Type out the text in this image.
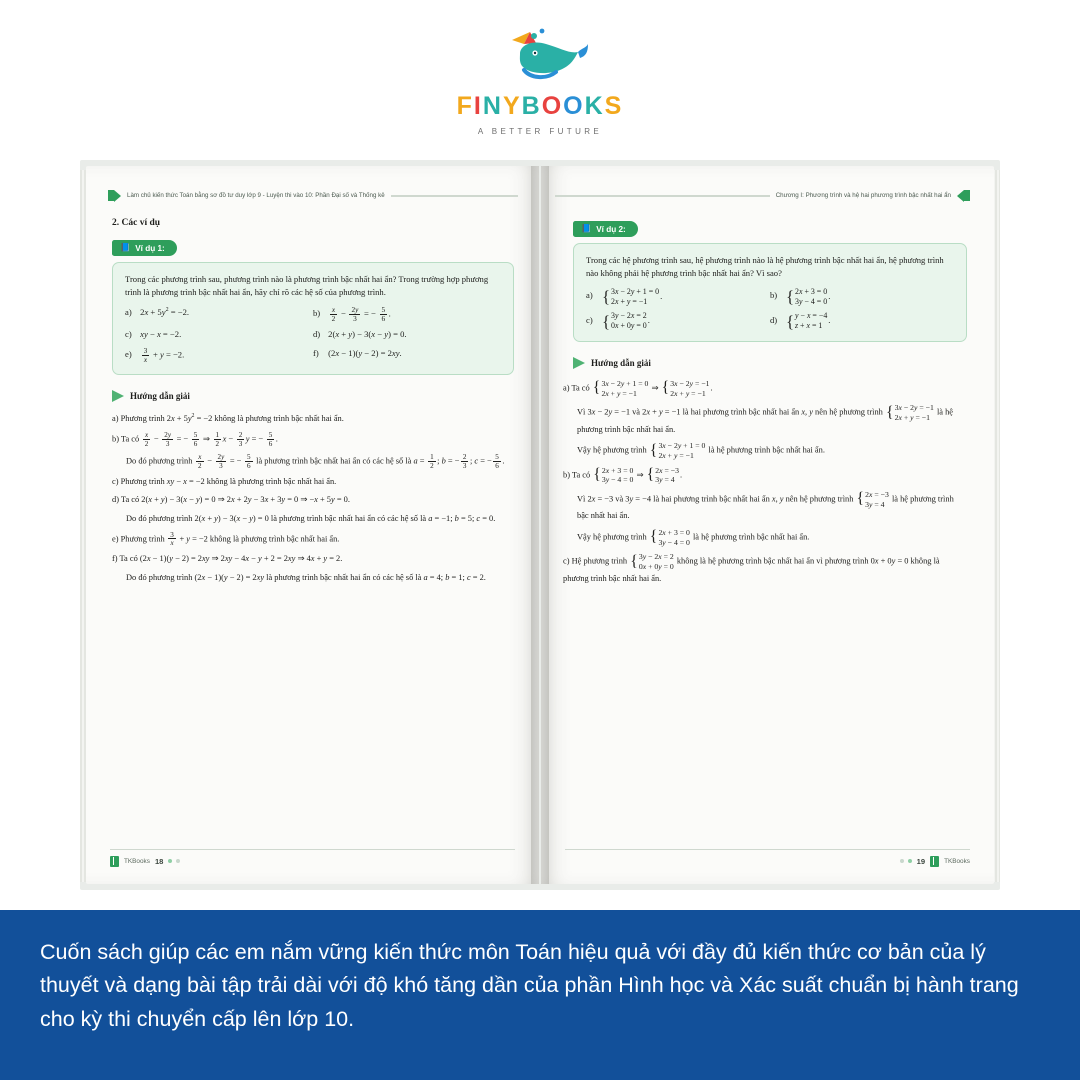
FINYBOOKS
A BETTER FUTURE
Làm chủ kiến thức Toán bằng sơ đồ tư duy lớp 9 - Luyện thi vào 10: Phần Đại số và Thống kê
2. Các ví dụ
📘 Ví dụ 1:
Trong các phương trình sau, phương trình nào là phương trình bậc nhất hai ẩn? Trong trường hợp phương trình là phương trình bậc nhất hai ẩn, hãy chỉ rõ các hệ số của phương trình.
a) $2x + 5y^2 = -2$.	$b) \frac{x}{2} - \frac{2y}{3}$ = − $\frac{5}{6}$ .
c) xy − x = −2.	d) 2(x + y) − 3(x − y) = 0.
$e) \frac{3}{x} + y = -2$.	f) (2x − 1)(y − 2) = 2xy.
Hướng dẫn giải
a) Phương trình $2x + 5y^2 = -2$ không là phương trình bậc nhất hai ẩn.
b) Ta có $\frac{x}{2} - \frac{2y}{3}$ = − $\frac{5}{6}$ ⇒ $\frac{1}{2}$ $x - \frac{2}{3}$ y = − $\frac{5}{6}$ .
Do đó phương trình $\frac{x}{2} - \frac{2y}{3}$ = − $\frac{5}{6}$ là phương trình bậc nhất hai ẩn có các hệ số là $a = \frac{1}{2}$ ; b = − $\frac{2}{3}$ ; c = − $\frac{5}{6}$ .
c) Phương trình xy − x = −2 không là phương trình bậc nhất hai ẩn.
d) Ta có 2(x + y) − 3(x − y) = 0 ⇒ 2x + 2y − 3x + 3y = 0 ⇒ −x + 5y = 0.
Do đó phương trình 2(x + y) − 3(x − y) = 0 là phương trình bậc nhất hai ẩn có các hệ số là a = −1; b = 5; c = 0.
e) Phương trình $\frac{3}{x} + y = -2$ không là phương trình bậc nhất hai ẩn.
f) Ta có (2x − 1)(y − 2) = 2xy ⇒ 2xy − 4x − y + 2 = 2xy ⇒ 4x + y = 2.
Do đó phương trình (2x − 1)(y − 2) = 2xy là phương trình bậc nhất hai ẩn có các hệ số là a = 4; b = 1; c = 2.
TKBooks 18
Chương I: Phương trình và hệ hai phương trình bậc nhất hai ẩn
📘 Ví dụ 2:
Trong các hệ phương trình sau, hệ phương trình nào là hệ phương trình bậc nhất hai ẩn, hệ phương trình nào không phải hệ phương trình bậc nhất hai ẩn? Vì sao?
a) { 3x − 2y + 1 = 0
2x + y = −1
.	b) { 2x + 3 = 0
3y − 4 = 0
.
c) { 3y − 2x = 2
0x + 0y = 0
.	d) { y − x = −4
z + x = 1
.
Hướng dẫn giải
a) Ta có { 3x − 2y + 1 = 0
2x + y = −1
⇒ { 3x − 2y = −1
2x + y = −1
.
Vì 3x − 2y = −1 và 2x + y = −1 là hai phương trình bậc nhất hai ẩn x, y nên hệ phương trình { 3x − 2y = −1
2x + y = −1
là hệ phương trình bậc nhất hai ẩn.
Vậy hệ phương trình { 3x − 2y + 1 = 0
2x + y = −1
là hệ phương trình bậc nhất hai ẩn.
b) Ta có { 2x + 3 = 0
3y − 4 = 0
⇒ { 2x = −3
3y = 4
.
Vì 2x = −3 và 3y = −4 là hai phương trình bậc nhất hai ẩn x, y nên hệ phương trình { 2x = −3
3y = 4
là hệ phương trình bậc nhất hai ẩn.
Vậy hệ phương trình { 2x + 3 = 0
3y − 4 = 0
là hệ phương trình bậc nhất hai ẩn.
c) Hệ phương trình { 3y − 2x = 2
0x + 0y = 0
không là hệ phương trình bậc nhất hai ẩn vì phương trình 0x + 0y = 0 không là phương trình bậc nhất hai ẩn.
19	TKBooks

Cuốn sách giúp các em nắm vững kiến thức môn Toán hiệu quả với đầy đủ kiến thức cơ bản của lý thuyết và dạng bài tập trải dài với độ khó tăng dần của phần Hình học và Xác suất chuẩn bị hành trang cho kỳ thi chuyển cấp lên lớp 10.
